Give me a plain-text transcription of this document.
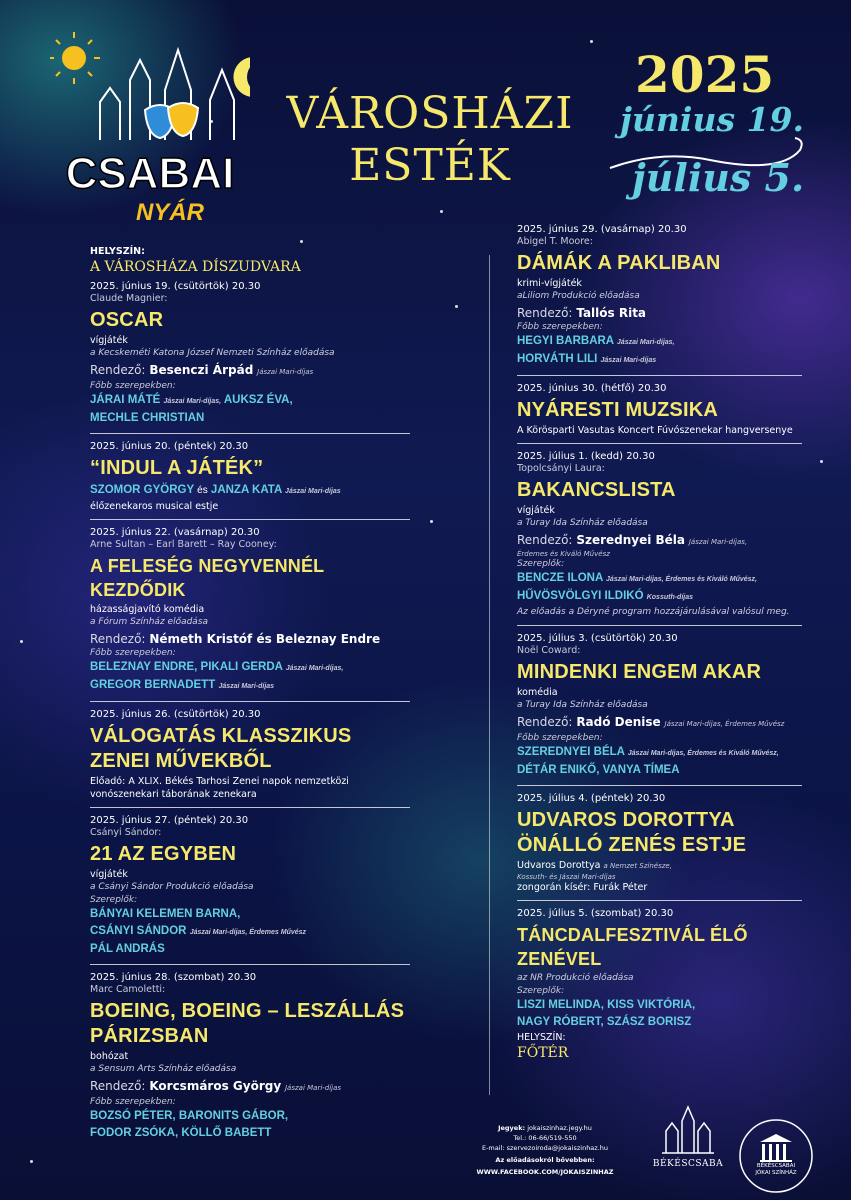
CSABAI
NYÁR
VÁROSHÁZI
ESTÉK
2025
június 19.
július 5.
HELYSZÍN:
A VÁROSHÁZA DÍSZUDVARA
2025. június 19. (csütörtök) 20.30
Claude Magnier:
OSCAR
vígjáték
a Kecskeméti Katona József Nemzeti Színház előadása
Rendező: Besenczi Árpád Jászai Mari-díjas
Főbb szerepekben:
JÁRAI MÁTÉ Jászai Mari-díjas, AUKSZ ÉVA,
MECHLE CHRISTIAN
2025. június 20. (péntek) 20.30
“INDUL A JÁTÉK”
SZOMOR GYÖRGY és JANZA KATA Jászai Mari-díjas
élőzenekaros musical estje
2025. június 22. (vasárnap) 20.30
Arne Sultan – Earl Barett – Ray Cooney:
A FELESÉG NEGYVENNÉL KEZDŐDIK
házasságjavító komédia
a Fórum Színház előadása
Rendező: Németh Kristóf és Beleznay Endre
Főbb szerepekben:
BELEZNAY ENDRE, PIKALI GERDA Jászai Mari-díjas,
GREGOR BERNADETT Jászai Mari-díjas
2025. június 26. (csütörtök) 20.30
VÁLOGATÁS KLASSZIKUS
ZENEI MŰVEKBŐL
Előadó: A XLIX. Békés Tarhosi Zenei napok nemzetközi vonószenekari táborának zenekara
2025. június 27. (péntek) 20.30
Csányi Sándor:
21 AZ EGYBEN
vígjáték
a Csányi Sándor Produkció előadása
Szereplők:
BÁNYAI KELEMEN BARNA,
CSÁNYI SÁNDOR Jászai Mari-díjas, Érdemes Művész
PÁL ANDRÁS
2025. június 28. (szombat) 20.30
Marc Camoletti:
BOEING, BOEING – LESZÁLLÁS
PÁRIZSBAN
bohózat
a Sensum Arts Színház előadása
Rendező: Korcsmáros György Jászai Mari-díjas
Főbb szerepekben:
BOZSÓ PÉTER, BARONITS GÁBOR,
FODOR ZSÓKA, KÖLLŐ BABETT
2025. június 29. (vasárnap) 20.30
Abigel T. Moore:
DÁMÁK A PAKLIBAN
krimi-vígjáték
aLiliom Produkció előadása
Rendező: Tallós Rita
Főbb szerepekben:
HEGYI BARBARA Jászai Mari-díjas,
HORVÁTH LILI Jászai Mari-díjas
2025. június 30. (hétfő) 20.30
NYÁRESTI MUZSIKA
A Körösparti Vasutas Koncert Fúvószenekar hangversenye
2025. július 1. (kedd) 20.30
Topolcsányi Laura:
BAKANCSLISTA
vígjáték
a Turay Ida Színház előadása
Rendező: Szerednyei Béla Jászai Mari-díjas,
Érdemes és Kiváló Művész
Szereplők:
BENCZE ILONA Jászai Mari-díjas, Érdemes és Kiváló Művész,
HŰVÖSVÖLGYI ILDIKÓ Kossuth-díjas
Az előadás a Déryné program hozzájárulásával valósul meg.
2025. július 3. (csütörtök) 20.30
Noël Coward:
MINDENKI ENGEM AKAR
komédia
a Turay Ida Színház előadása
Rendező: Radó Denise Jászai Mari-díjas, Érdemes Művész
Főbb szerepekben:
SZEREDNYEI BÉLA Jászai Mari-díjas, Érdemes és Kiváló Művész,
DÉTÁR ENIKŐ, VANYA TÍMEA
2025. július 4. (péntek) 20.30
UDVAROS DOROTTYA
ÖNÁLLÓ ZENÉS ESTJE
Udvaros Dorottya a Nemzet Színésze,
Kossuth- és Jászai Mari-díjas
zongorán kísér: Furák Péter
2025. július 5. (szombat) 20.30
TÁNCDALFESZTIVÁL ÉLŐ ZENÉVEL
az NR Produkció előadása
Szereplők:
LISZI MELINDA, KISS VIKTÓRIA,
NAGY RÓBERT, SZÁSZ BORISZ
HELYSZÍN:
FŐTÉR
Jegyek: jokaiszinhaz.jegy.hu
Tel.: 06-66/519-550
E-mail: szervezoiroda@jokaiszinhaz.hu
Az előadásokról bővebben:
WWW.FACEBOOK.COM/JOKAISZINHAZ
BÉKÉSCSABA	BÉKÉSCSABAI
JÓKAI SZÍNHÁZ
